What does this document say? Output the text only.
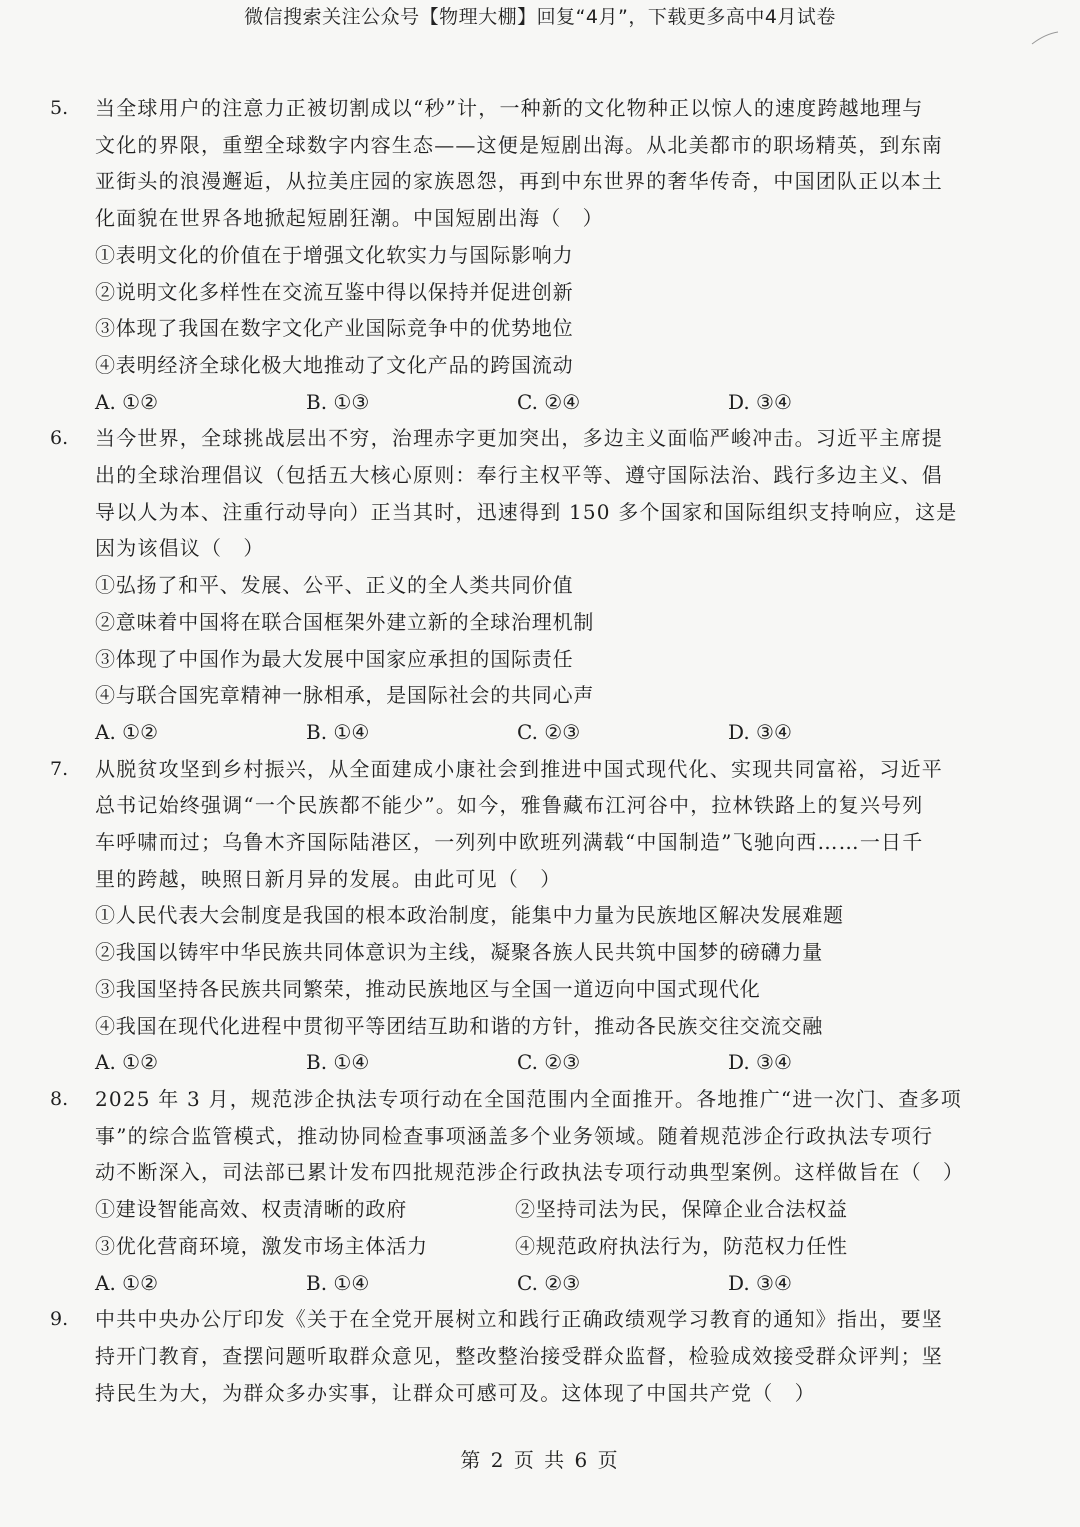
微信搜索关注公众号【物理大棚】回复“4月”，下载更多高中4月试卷
5.	当全球用户的注意力正被切割成以“秒”计，一种新的文化物种正以惊人的速度跨越地理与
文化的界限，重塑全球数字内容生态——这便是短剧出海。从北美都市的职场精英，到东南
亚街头的浪漫邂逅，从拉美庄园的家族恩怨，再到中东世界的奢华传奇，中国团队正以本土
化面貌在世界各地掀起短剧狂潮。中国短剧出海（　）
①表明文化的价值在于增强文化软实力与国际影响力
②说明文化多样性在交流互鉴中得以保持并促进创新
③体现了我国在数字文化产业国际竞争中的优势地位
④表明经济全球化极大地推动了文化产品的跨国流动
A. ①②	B. ①③	C. ②④	D. ③④
6.	当今世界，全球挑战层出不穷，治理赤字更加突出，多边主义面临严峻冲击。习近平主席提
出的全球治理倡议（包括五大核心原则：奉行主权平等、遵守国际法治、践行多边主义、倡
导以人为本、注重行动导向）正当其时，迅速得到 150 多个国家和国际组织支持响应，这是
因为该倡议（　）
①弘扬了和平、发展、公平、正义的全人类共同价值
②意味着中国将在联合国框架外建立新的全球治理机制
③体现了中国作为最大发展中国家应承担的国际责任
④与联合国宪章精神一脉相承，是国际社会的共同心声
A. ①②	B. ①④	C. ②③	D. ③④
7.	从脱贫攻坚到乡村振兴，从全面建成小康社会到推进中国式现代化、实现共同富裕，习近平
总书记始终强调“一个民族都不能少”。如今，雅鲁藏布江河谷中，拉林铁路上的复兴号列
车呼啸而过；乌鲁木齐国际陆港区，一列列中欧班列满载“中国制造”飞驰向西……一日千
里的跨越，映照日新月异的发展。由此可见（　）
①人民代表大会制度是我国的根本政治制度，能集中力量为民族地区解决发展难题
②我国以铸牢中华民族共同体意识为主线，凝聚各族人民共筑中国梦的磅礴力量
③我国坚持各民族共同繁荣，推动民族地区与全国一道迈向中国式现代化
④我国在现代化进程中贯彻平等团结互助和谐的方针，推动各民族交往交流交融
A. ①②	B. ①④	C. ②③	D. ③④
8.	2025 年 3 月，规范涉企执法专项行动在全国范围内全面推开。各地推广“进一次门、查多项
事”的综合监管模式，推动协同检查事项涵盖多个业务领域。随着规范涉企行政执法专项行
动不断深入，司法部已累计发布四批规范涉企行政执法专项行动典型案例。这样做旨在（　）
①建设智能高效、权责清晰的政府	②坚持司法为民，保障企业合法权益
③优化营商环境，激发市场主体活力	④规范政府执法行为，防范权力任性
A. ①②	B. ①④	C. ②③	D. ③④
9.	中共中央办公厅印发《关于在全党开展树立和践行正确政绩观学习教育的通知》指出，要坚
持开门教育，查摆问题听取群众意见，整改整治接受群众监督，检验成效接受群众评判；坚
持民生为大，为群众多办实事，让群众可感可及。这体现了中国共产党（　）
第 2 页 共 6 页
